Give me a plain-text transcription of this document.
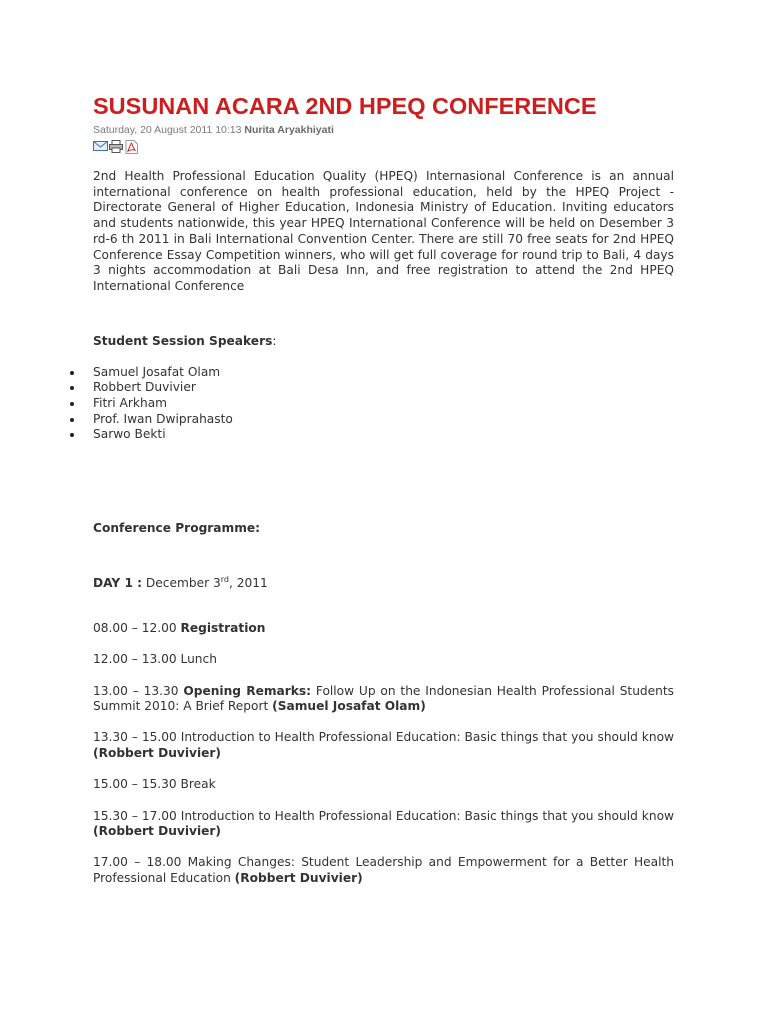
SUSUNAN ACARA 2ND HPEQ CONFERENCE
Saturday, 20 August 2011 10:13 Nurita Aryakhiyati

2nd Health Professional Education Quality (HPEQ) Internasional Conference is an annual international conference on health professional education, held by the HPEQ Project - Directorate General of Higher Education, Indonesia Ministry of Education. Inviting educators and students nationwide, this year HPEQ International Conference will be held on Desember 3 rd-6 th 2011 in Bali International Convention Center. There are still 70 free seats for 2nd HPEQ Conference Essay Competition winners, who will get full coverage for round trip to Bali, 4 days 3 nights accommodation at Bali Desa Inn, and free registration to attend the 2nd HPEQ International Conference

Student Session Speakers:
Samuel Josafat Olam
Robbert Duvivier
Fitri Arkham
Prof. Iwan Dwiprahasto
Sarwo Bekti
Conference Programme:
DAY 1 : December 3rd, 2011

08.00 – 12.00 Registration

12.00 – 13.00 Lunch

13.00 – 13.30 Opening Remarks: Follow Up on the Indonesian Health Professional Students Summit 2010: A Brief Report (Samuel Josafat Olam)

13.30 – 15.00 Introduction to Health Professional Education: Basic things that you should know (Robbert Duvivier)

15.00 – 15.30 Break

15.30 – 17.00 Introduction to Health Professional Education: Basic things that you should know (Robbert Duvivier)

17.00 – 18.00 Making Changes: Student Leadership and Empowerment for a Better Health Professional Education (Robbert Duvivier)
